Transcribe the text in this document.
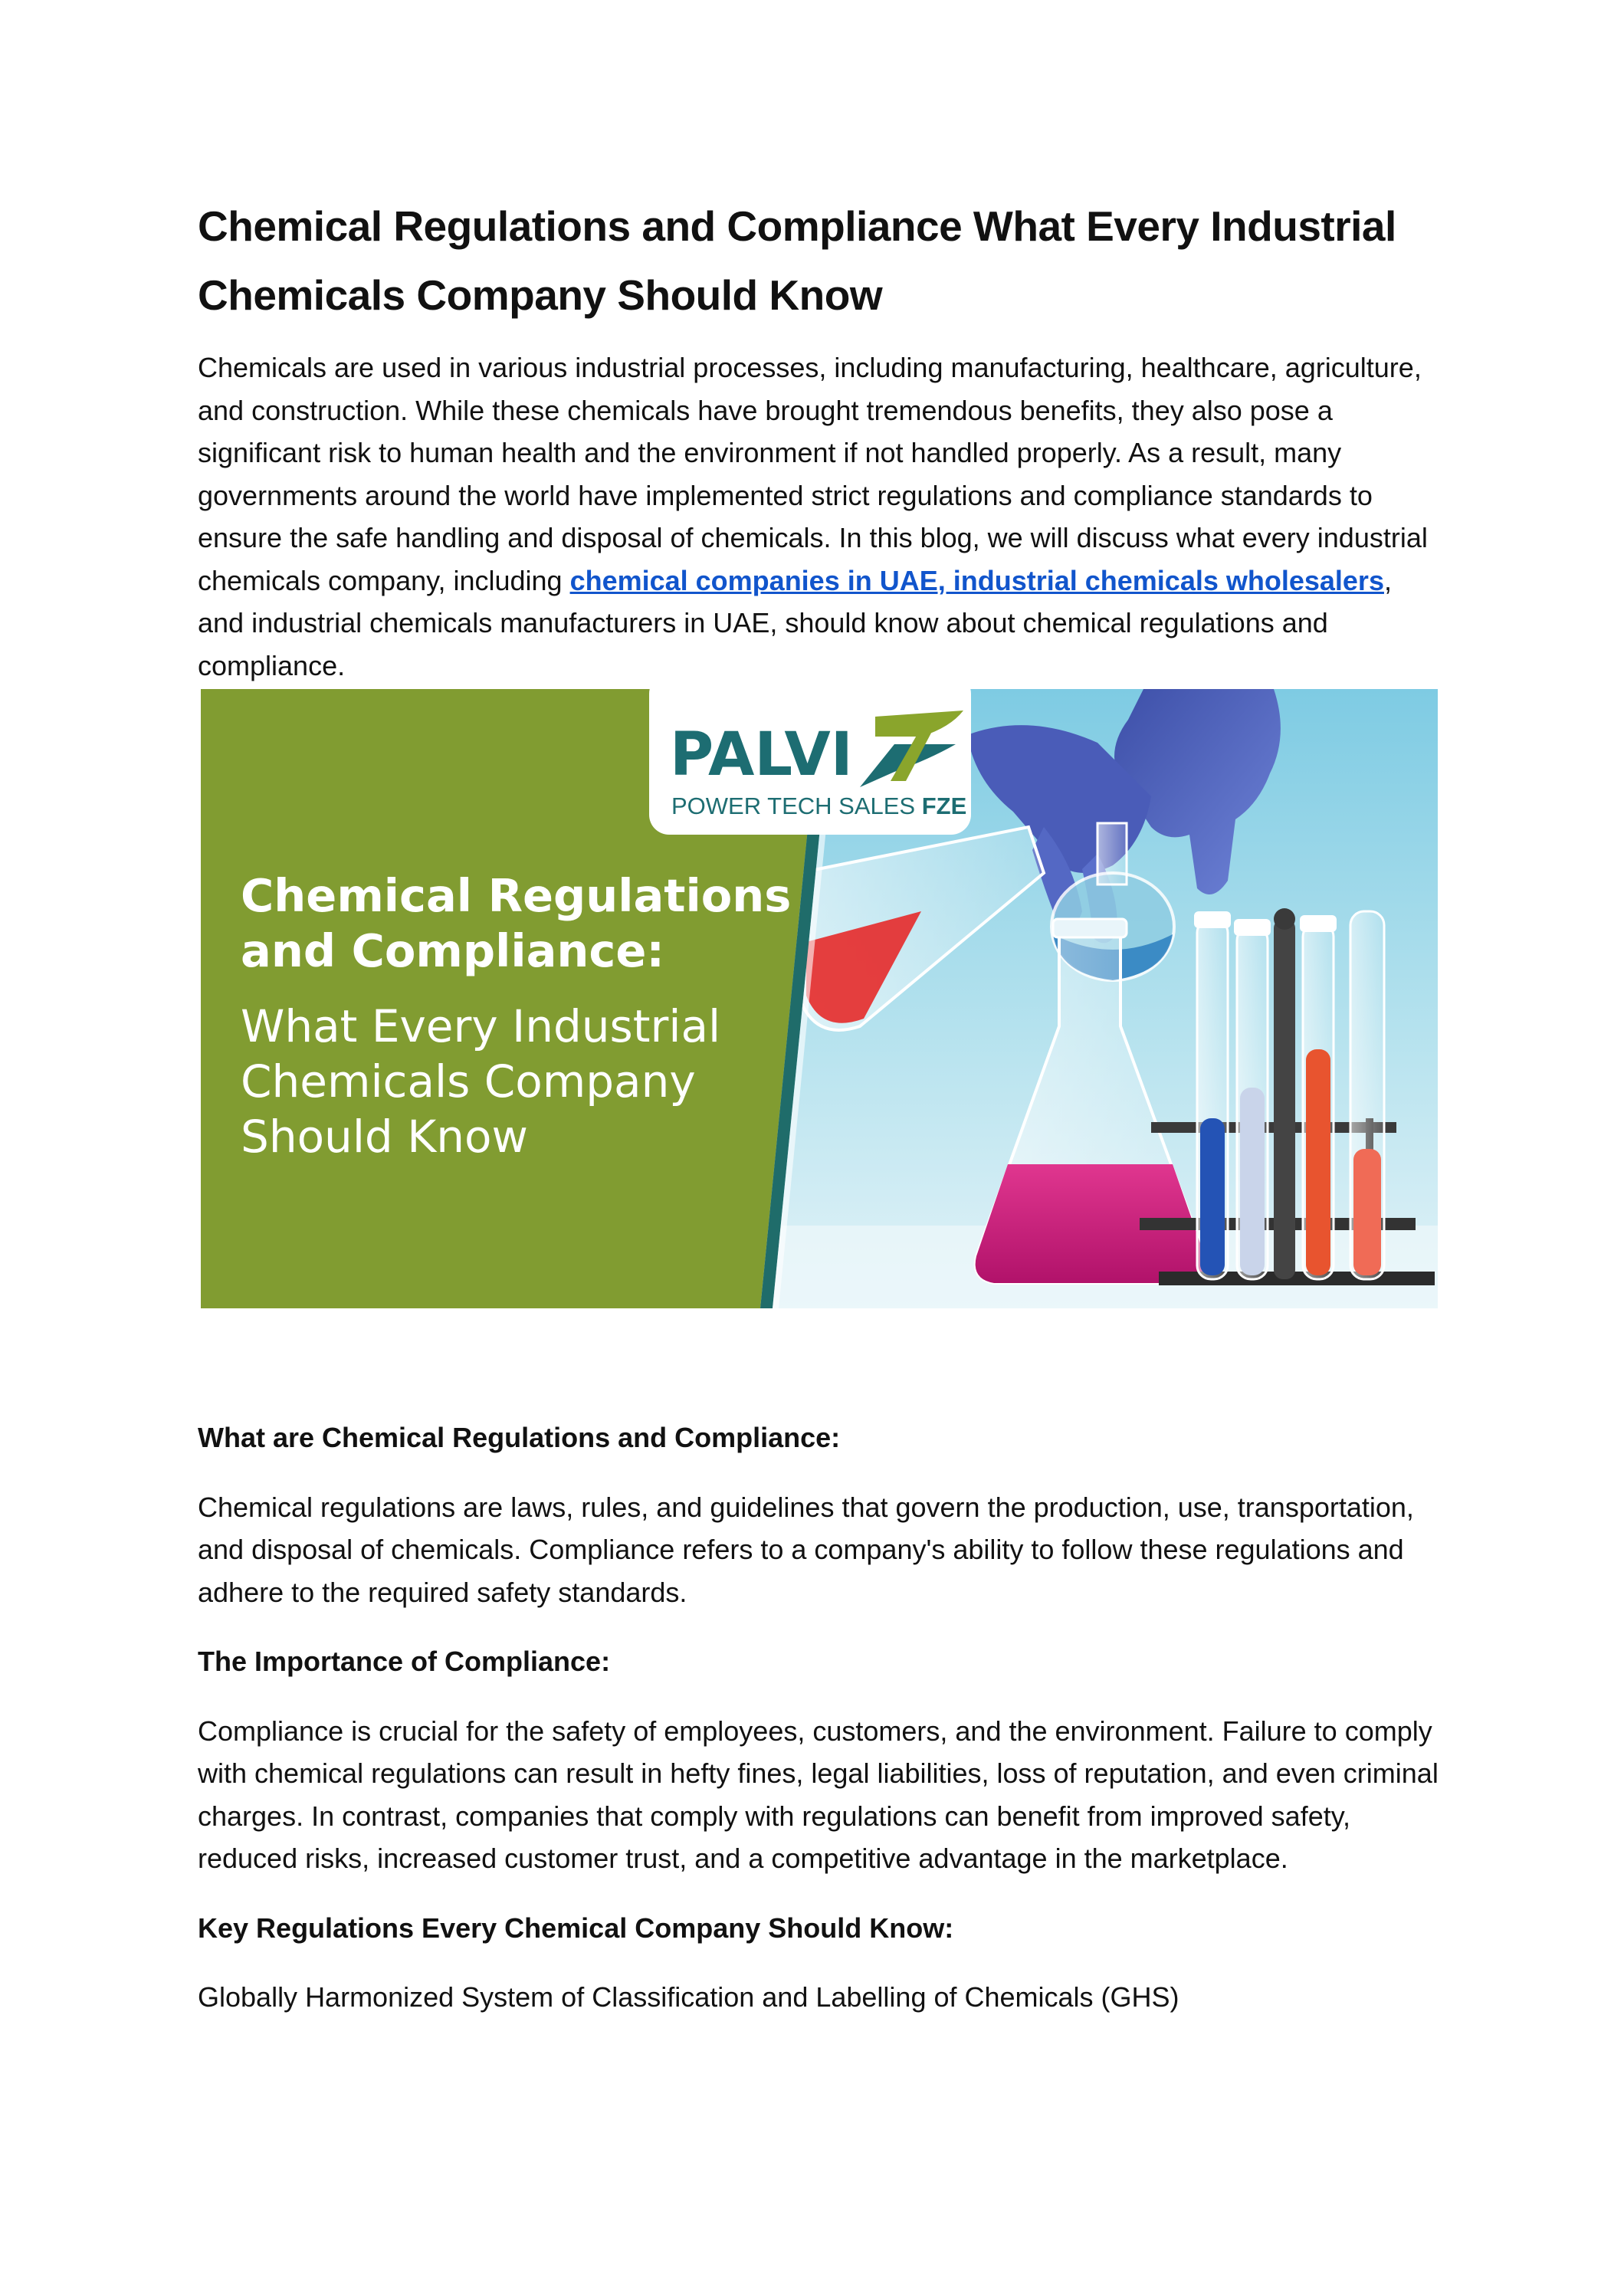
Chemical Regulations and Compliance What Every Industrial Chemicals Company Should Know

Chemicals are used in various industrial processes, including manufacturing, healthcare, agriculture, and construction. While these chemicals have brought tremendous benefits, they also pose a significant risk to human health and the environment if not handled properly. As a result, many governments around the world have implemented strict regulations and compliance standards to ensure the safe handling and disposal of chemicals. In this blog, we will discuss what every industrial chemicals company, including chemical companies in UAE, industrial chemicals wholesalers, and industrial chemicals manufacturers in UAE, should know about chemical regulations and compliance.

PALVI
POWER TECH SALES FZE
Chemical Regulations
and Compliance:
What Every Industrial
Chemicals Company
Should Know

What are Chemical Regulations and Compliance:

Chemical regulations are laws, rules, and guidelines that govern the production, use, transportation, and disposal of chemicals. Compliance refers to a company's ability to follow these regulations and adhere to the required safety standards.

The Importance of Compliance:

Compliance is crucial for the safety of employees, customers, and the environment. Failure to comply with chemical regulations can result in hefty fines, legal liabilities, loss of reputation, and even criminal charges. In contrast, companies that comply with regulations can benefit from improved safety, reduced risks, increased customer trust, and a competitive advantage in the marketplace.

Key Regulations Every Chemical Company Should Know:

Globally Harmonized System of Classification and Labelling of Chemicals (GHS)
